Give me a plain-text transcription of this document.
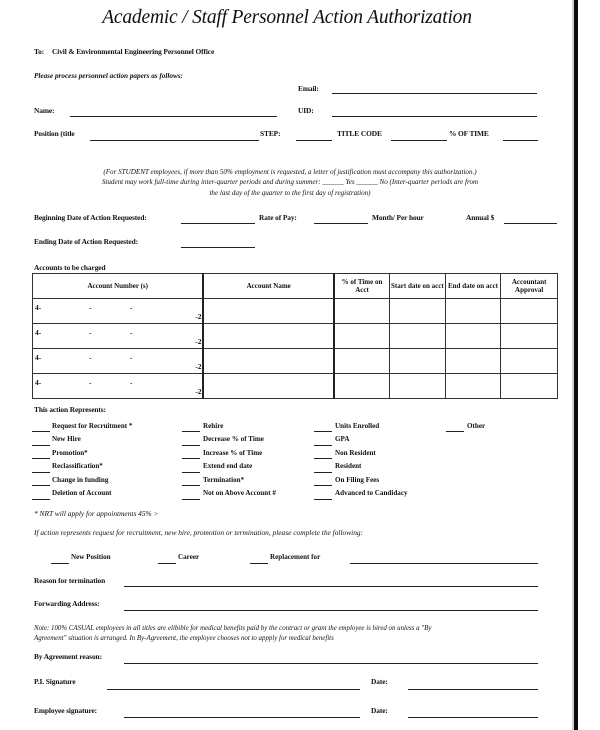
Academic / Staff Personnel Action Authorization
To: Civil & Environmental Engineering Personnel Office
Please process personnel action papers as follows:
Email:
Name:	UID:
Position (title	STEP:	TITLE CODE	% OF TIME
(For STUDENT employees, if more than 50% employment is requested, a letter of justification must accompany this authorization.)
Student may work full-time during inter-quarter periods and during summer: ______ Yes ______ No (Inter-quarter periods are from
the last day of the quarter to the first day of registration)
Beginning Date of Action Requested:	Rate of Pay:	Month/ Per hour	Annual $
Ending Date of Action Requested:
Accounts to be charged
Account Number (s)	Account Name	% of Time on Acct	Start date on acct	End date on acct	Accountant Approval

4- - -
-2					

4- - -
-2					

4- - -
-2					

4- - -
-2					

This action Represents:
Request for Recruitment *
New Hire
Promotion*
Reclassification*
Change in funding
Deletion of Account
Rehire
Decrease % of Time
Increase % of Time
Extend end date
Termination*
Not on Above Account #
Units Enrolled
GPA
Non Resident
Resident
On Filing Fees
Advanced to Candidacy
Other
* NRT will apply for appointments 45% >
If action represents request for recruitment, new hire, promotion or termination, please complete the following:
New Position	Career	Replacement for
Reason for termination
Forwarding Address:
Note: 100% CASUAL employees in all titles are elibible for medical benefits paid by the contract or grant the employee is hired on unless a "By
Agreement" situation is arranged. In By-Agreement, the employee chooses not to appply for medical benefits
By Agreement reason:
P.I. Signature	Date:
Employee signature:	Date:
